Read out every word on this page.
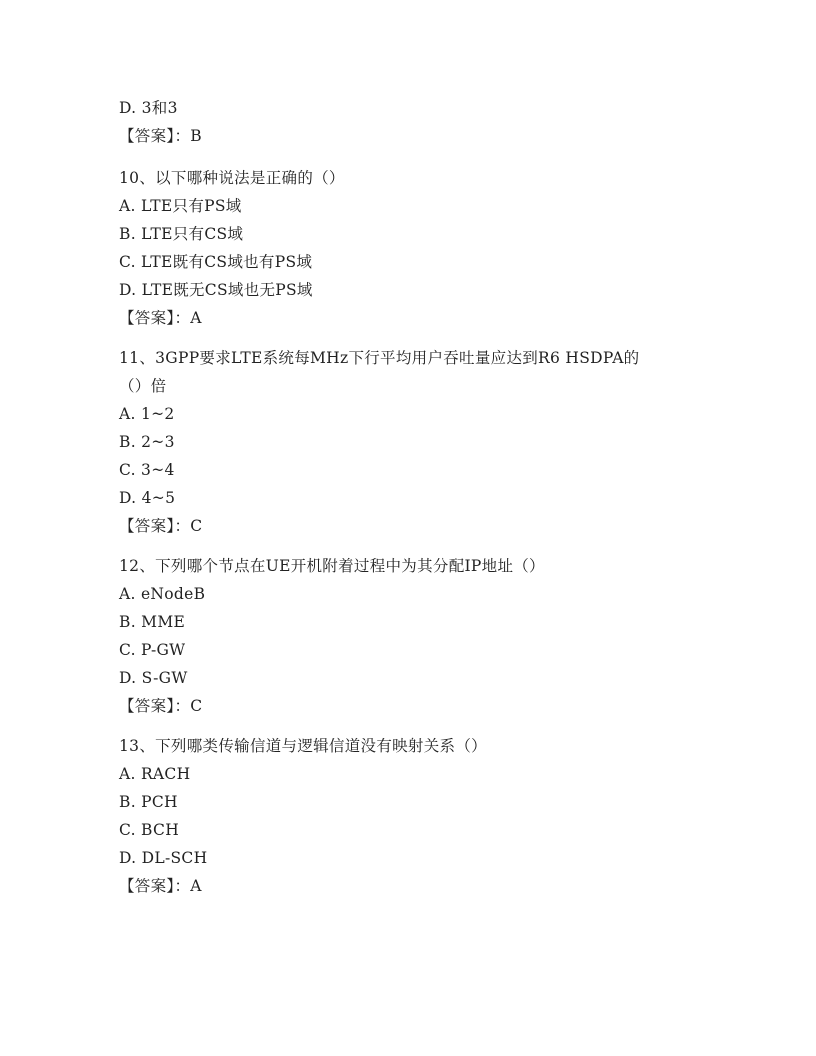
D. 3和3
【答案】：B
10、以下哪种说法是正确的（）
A. LTE只有PS域
B. LTE只有CS域
C. LTE既有CS域也有PS域
D. LTE既无CS域也无PS域
【答案】：A
11、3GPP要求LTE系统每MHz下行平均用户吞吐量应达到R6 HSDPA的
（）倍
A. 1~2
B. 2~3
C. 3~4
D. 4~5
【答案】：C
12、下列哪个节点在UE开机附着过程中为其分配IP地址（）
A. eNodeB
B. MME
C. P-GW
D. S-GW
【答案】：C
13、下列哪类传输信道与逻辑信道没有映射关系（）
A. RACH
B. PCH
C. BCH
D. DL-SCH
【答案】：A
